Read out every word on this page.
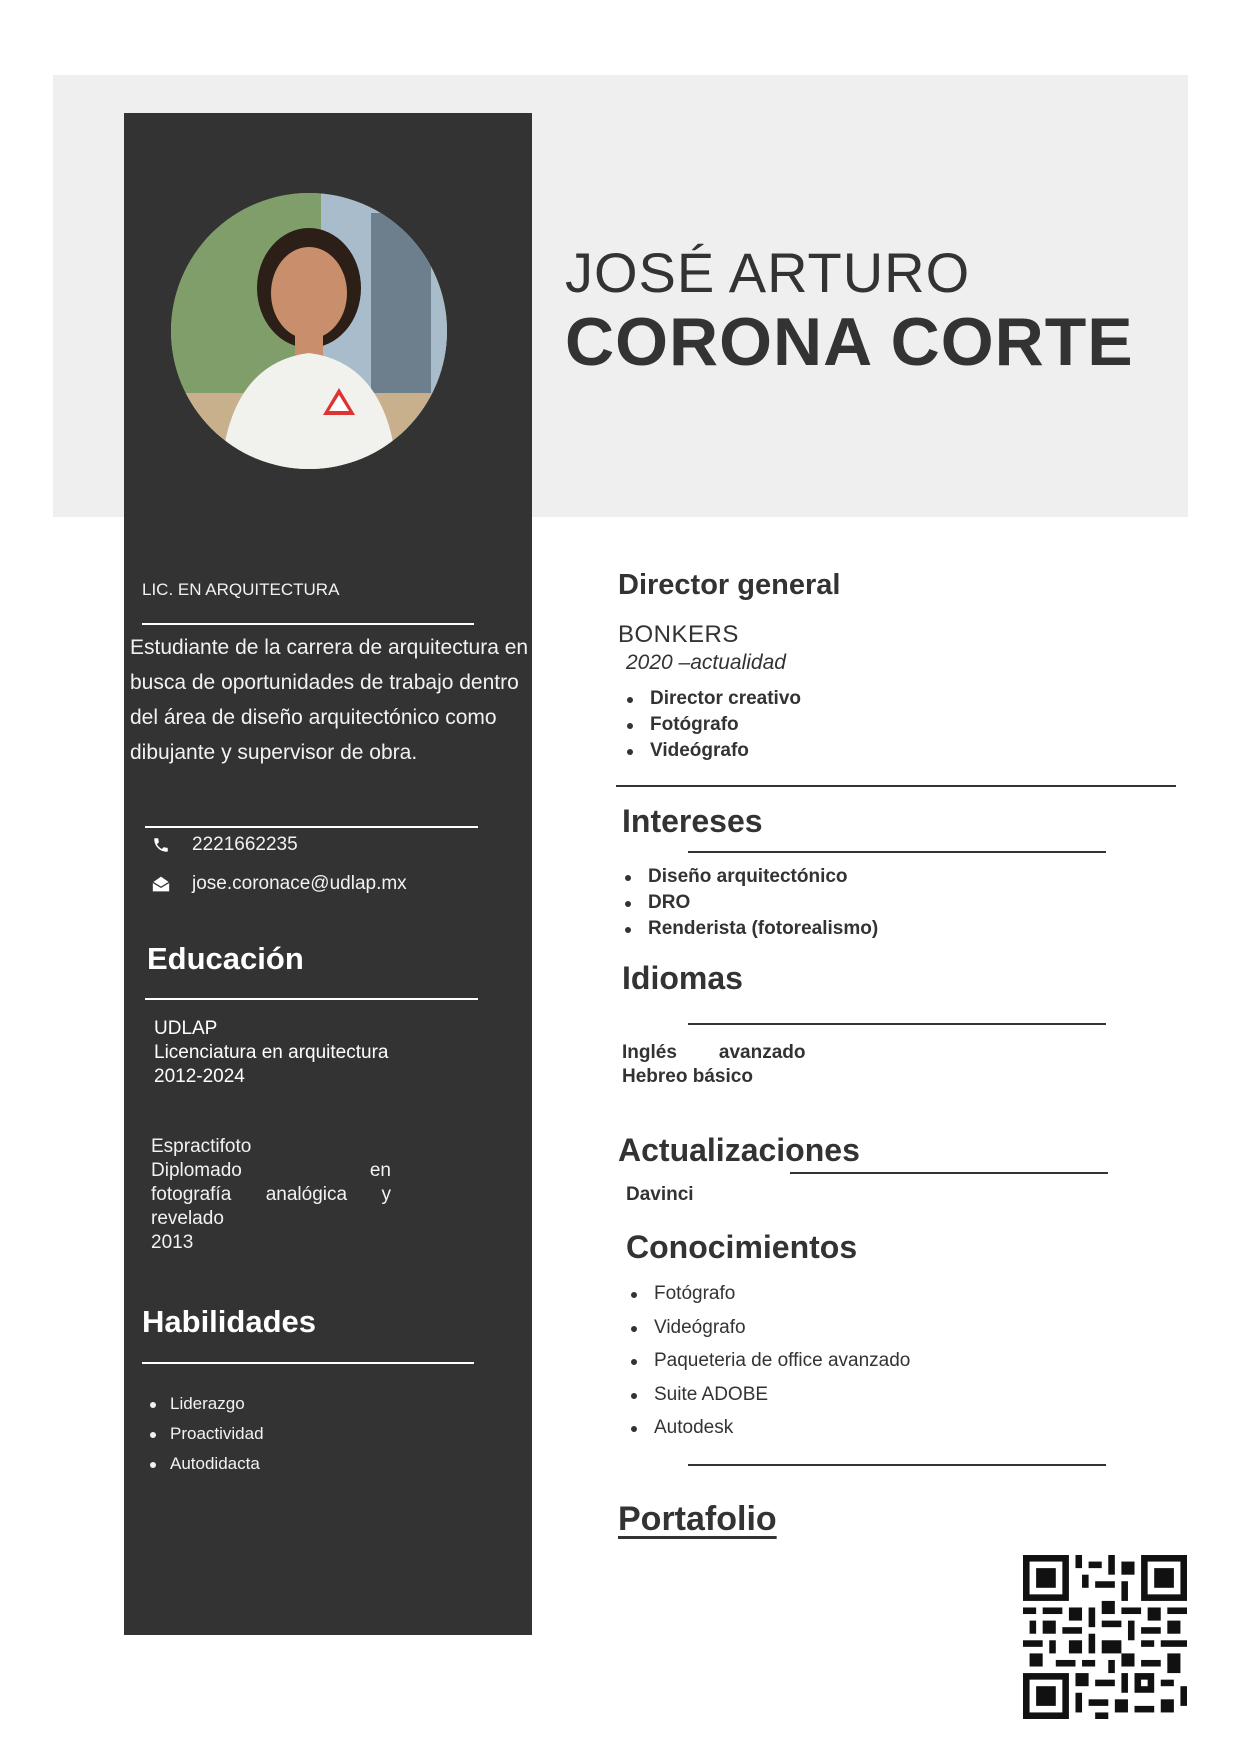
JOSÉ ARTURO
CORONA CORTE
LIC. EN ARQUITECTURA
Estudiante de la carrera de arquitectura en busca de oportunidades de trabajo dentro del área de diseño arquitectónico como dibujante y supervisor de obra.
2221662235
jose.coronace@udlap.mx
Educación
UDLAP
Licenciatura en arquitectura
2012-2024
Espractifoto
Diplomado	en
fotografía analógica y
revelado
2013
Habilidades
Liderazgo
Proactividad
Autodidacta
Director general
BONKERS
2020 –actualidad
Director creativo
Fotógrafo
Videógrafo
Intereses
Diseño arquitectónico
DRO
Renderista (fotorealismo)
Idiomas
Inglés avanzado
Hebreo básico
Actualizaciones
Davinci
Conocimientos
Fotógrafo
Videógrafo
Paqueteria de office avanzado
Suite ADOBE
Autodesk
Portafolio
